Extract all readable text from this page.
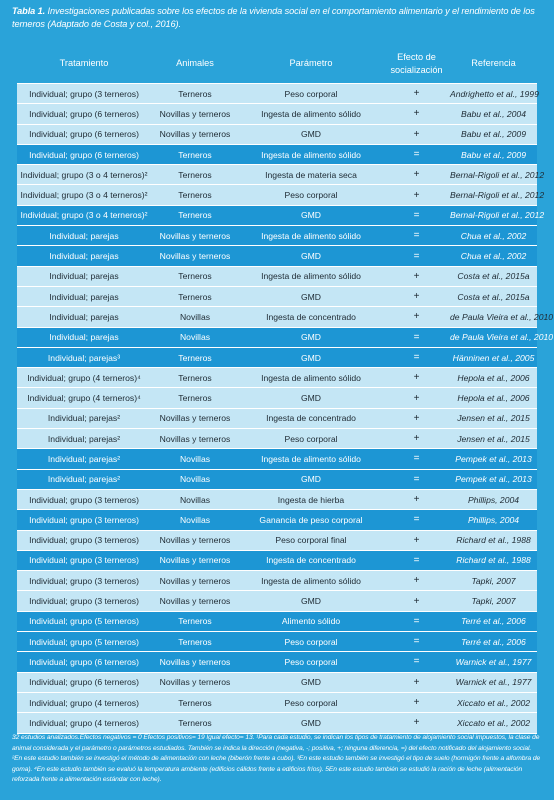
Tabla 1. Investigaciones publicadas sobre los efectos de la vivienda social en el comportamiento alimentario y el rendimiento de los terneros (Adaptado de Costa y col., 2016).
Tratamiento	Animales	Parámetro	Efecto de socialización	Referencia
Individual; grupo (3 terneros)	Terneros	Peso corporal	+	Andrighetto et al., 1999
Individual; grupo (6 terneros)	Novillas y terneros	Ingesta de alimento sólido	+	Babu et al., 2004
Individual; grupo (6 terneros)	Novillas y terneros	GMD	+	Babu et al., 2009
Individual; grupo (6 terneros)	Terneros	Ingesta de alimento sólido	=	Babu et al., 2009
Individual; grupo (3 o 4 terneros)²	Terneros	Ingesta de materia seca	+	Bernal-Rigoli et al., 2012
Individual; grupo (3 o 4 terneros)²	Terneros	Peso corporal	+	Bernal-Rigoli et al., 2012
Individual; grupo (3 o 4 terneros)²	Terneros	GMD	=	Bernal-Rigoli et al., 2012
Individual; parejas	Novillas y terneros	Ingesta de alimento sólido	=	Chua et al., 2002
Individual; parejas	Novillas y terneros	GMD	=	Chua et al., 2002
Individual; parejas	Terneros	Ingesta de alimento sólido	+	Costa et al., 2015a
Individual; parejas	Terneros	GMD	+	Costa et al., 2015a
Individual; parejas	Novillas	Ingesta de concentrado	+	de Paula Vieira et al., 2010
Individual; parejas	Novillas	GMD	=	de Paula Vieira et al., 2010
Individual; parejas³	Terneros	GMD	=	Hänninen et al., 2005
Individual; grupo (4 terneros)⁴	Terneros	Ingesta de alimento sólido	+	Hepola et al., 2006
Individual; grupo (4 terneros)⁴	Terneros	GMD	+	Hepola et al., 2006
Individual; parejas²	Novillas y terneros	Ingesta de concentrado	+	Jensen et al., 2015
Individual; parejas²	Novillas y terneros	Peso corporal	+	Jensen et al., 2015
Individual; parejas²	Novillas	Ingesta de alimento sólido	=	Pempek et al., 2013
Individual; parejas²	Novillas	GMD	=	Pempek et al., 2013
Individual; grupo (3 terneros)	Novillas	Ingesta de hierba	+	Phillips, 2004
Individual; grupo (3 terneros)	Novillas	Ganancia de peso corporal	=	Phillips, 2004
Individual; grupo (3 terneros)	Novillas y terneros	Peso corporal final	+	Richard et al., 1988
Individual; grupo (3 terneros)	Novillas y terneros	Ingesta de concentrado	=	Richard et al., 1988
Individual; grupo (3 terneros)	Novillas y terneros	Ingesta de alimento sólido	+	Tapki, 2007
Individual; grupo (3 terneros)	Novillas y terneros	GMD	+	Tapki, 2007
Individual; grupo (5 terneros)	Terneros	Alimento sólido	=	Terré et al., 2006
Individual; grupo (5 terneros)	Terneros	Peso corporal	=	Terré et al., 2006
Individual; grupo (6 terneros)	Novillas y terneros	Peso corporal	=	Warnick et al., 1977
Individual; grupo (6 terneros)	Novillas y terneros	GMD	+	Warnick et al., 1977
Individual; grupo (4 terneros)	Terneros	Peso corporal	+	Xiccato et al., 2002
Individual; grupo (4 terneros)	Terneros	GMD	+	Xiccato et al., 2002
32 estudios analizados.Efectos negativos = 0 Efectos positivos= 19 Igual efecto= 13. ¹Para cada estudio, se indican los tipos de tratamiento de alojamiento social impuestos, la clase de animal considerada y el parámetro o parámetros estudiados. También se indica la dirección (negativa, -; positiva, +; ninguna diferencia, =) del efecto notificado del alojamiento social.
²En este estudio también se investigó el método de alimentación con leche (biberón frente a cubo). ³En este estudio también se investigó el tipo de suelo (hormigón frente a alfombra de goma). ⁴En este estudio también se evaluó la temperatura ambiente (edificios cálidos frente a edificios fríos). 5En este estudio también se estudió la ración de leche (alimentación reforzada frente a alimentación estándar con leche).
